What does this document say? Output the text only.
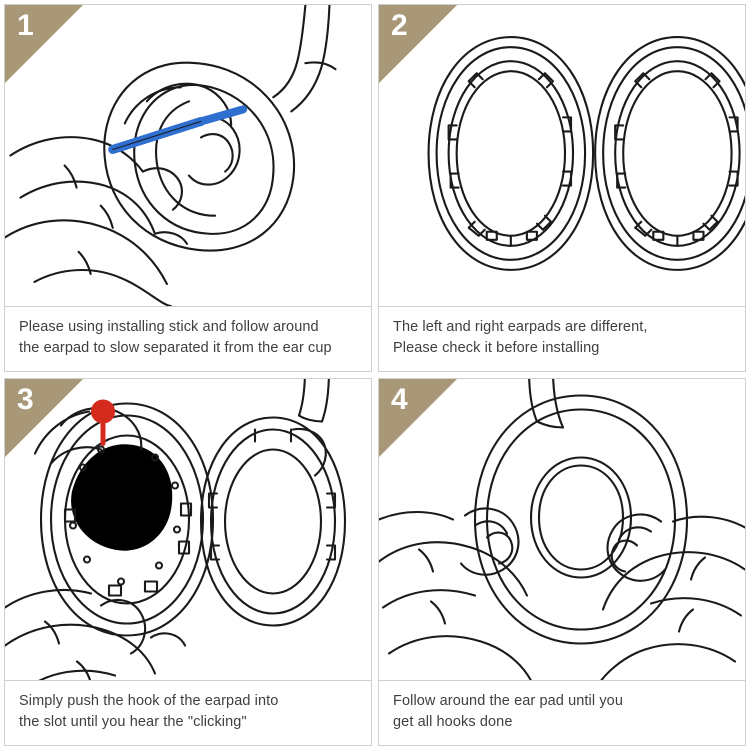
1
Please using installing stick and follow around
the earpad to slow separated it from the ear cup
2
The left and right earpads are different,
Please check it before installing
3
Simply push the hook of the earpad into
the slot until you hear the "clicking"
4
Follow around the ear pad until you
get all hooks done
